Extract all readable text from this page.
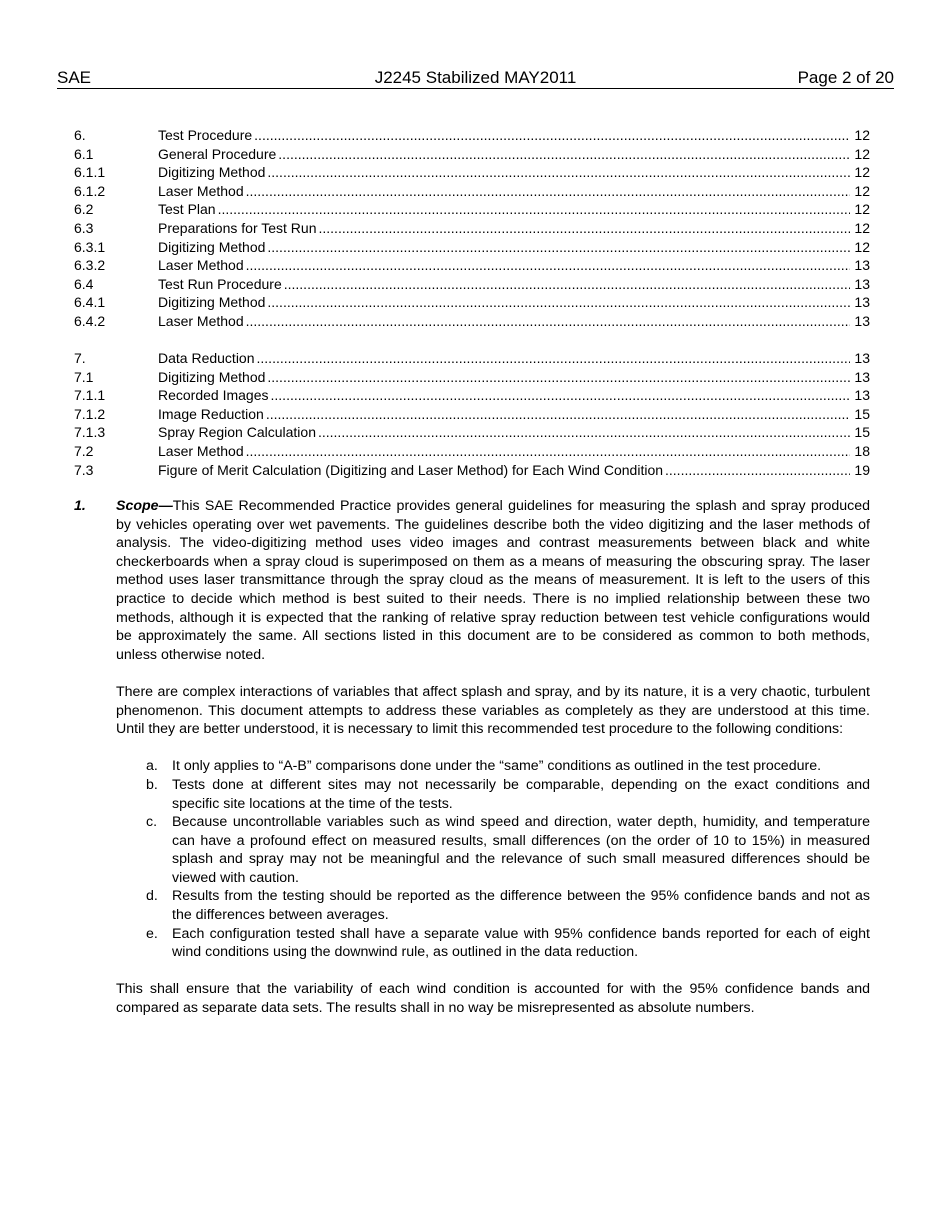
SAE	J2245 Stabilized MAY2011	Page 2 of 20
6.	Test Procedure .....	12
6.1	General Procedure .....	12
6.1.1	Digitizing Method .....	12
6.1.2	Laser Method .....	12
6.2	Test Plan .....	12
6.3	Preparations for Test Run .....	12
6.3.1	Digitizing Method .....	12
6.3.2	Laser Method .....	13
6.4	Test Run Procedure .....	13
6.4.1	Digitizing Method .....	13
6.4.2	Laser Method .....	13
7.	Data Reduction .....	13
7.1	Digitizing Method .....	13
7.1.1	Recorded Images .....	13
7.1.2	Image Reduction .....	15
7.1.3	Spray Region Calculation .....	15
7.2	Laser Method .....	18
7.3	Figure of Merit Calculation (Digitizing and Laser Method) for Each Wind Condition .....	19
1. Scope—This SAE Recommended Practice provides general guidelines for measuring the splash and spray produced by vehicles operating over wet pavements. The guidelines describe both the video digitizing and the laser methods of analysis. The video-digitizing method uses video images and contrast measurements between black and white checkerboards when a spray cloud is superimposed on them as a means of measuring the obscuring spray. The laser method uses laser transmittance through the spray cloud as the means of measurement. It is left to the users of this practice to decide which method is best suited to their needs. There is no implied relationship between these two methods, although it is expected that the ranking of relative spray reduction between test vehicle configurations would be approximately the same. All sections listed in this document are to be considered as common to both methods, unless otherwise noted.

There are complex interactions of variables that affect splash and spray, and by its nature, it is a very chaotic, turbulent phenomenon. This document attempts to address these variables as completely as they are understood at this time. Until they are better understood, it is necessary to limit this recommended test procedure to the following conditions:

a. It only applies to “A-B” comparisons done under the “same” conditions as outlined in the test procedure.
b. Tests done at different sites may not necessarily be comparable, depending on the exact conditions and specific site locations at the time of the tests.
c.	Because uncontrollable variables such as wind speed and direction, water depth, humidity, and temperature can have a profound effect on measured results, small differences (on the order of 10 to 15%) in measured splash and spray may not be meaningful and the relevance of such small measured differences should be viewed with caution.
d. Results from the testing should be reported as the difference between the 95% confidence bands and not as the differences between averages.
e. Each configuration tested shall have a separate value with 95% confidence bands reported for each of eight wind conditions using the downwind rule, as outlined in the data reduction.

This shall ensure that the variability of each wind condition is accounted for with the 95% confidence bands and compared as separate data sets. The results shall in no way be misrepresented as absolute numbers.
